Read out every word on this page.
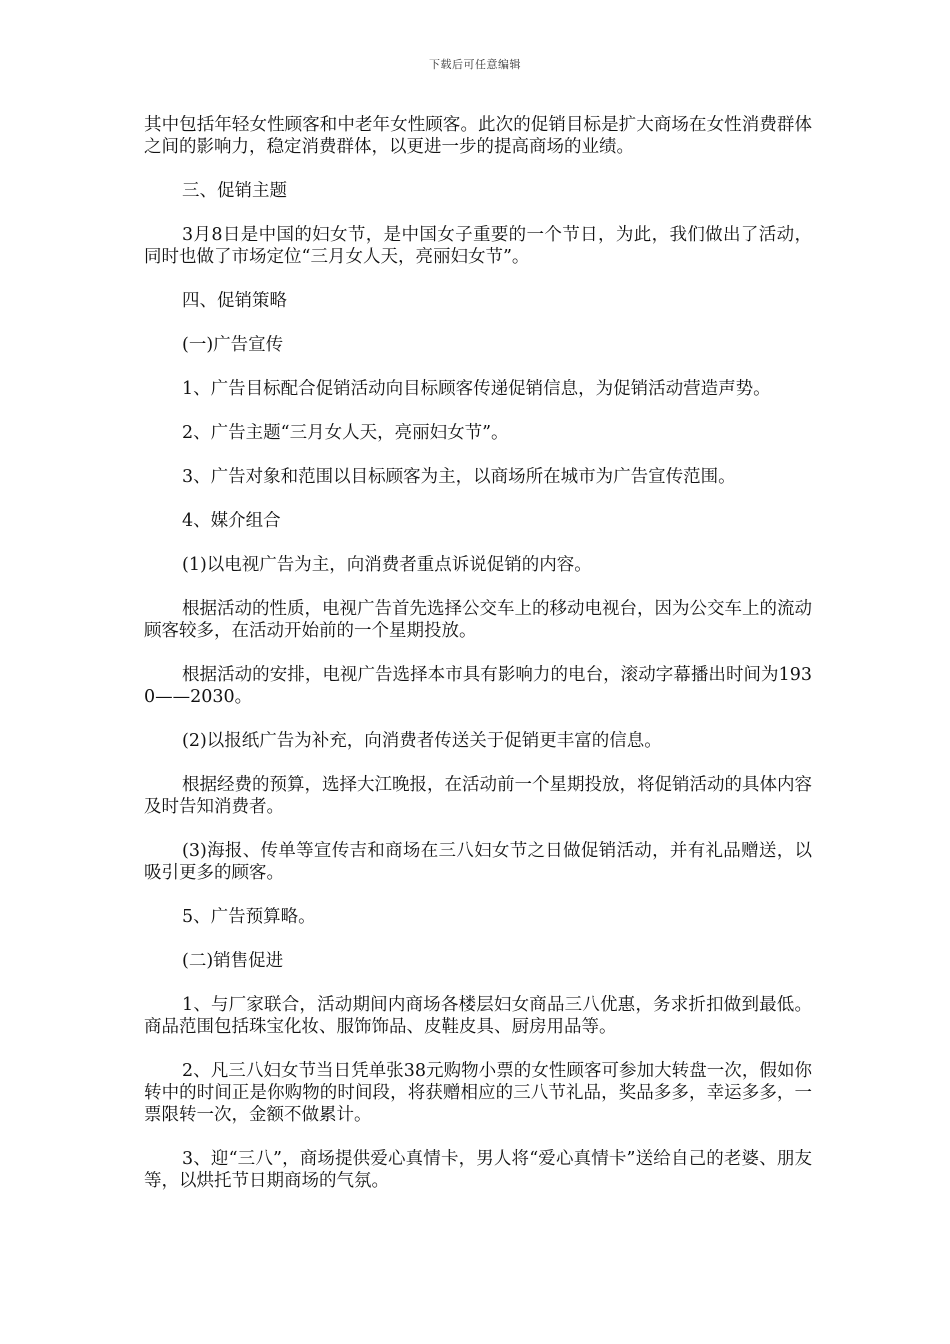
下载后可任意编辑

其中包括年轻女性顾客和中老年女性顾客。此次的促销目标是扩大商场在女性消费群体之间的影响力，稳定消费群体，以更进一步的提高商场的业绩。

三、促销主题

3月8日是中国的妇女节，是中国女子重要的一个节日，为此，我们做出了活动，同时也做了市场定位“三月女人天，亮丽妇女节”。

四、促销策略

(一)广告宣传

1、广告目标配合促销活动向目标顾客传递促销信息，为促销活动营造声势。

2、广告主题“三月女人天，亮丽妇女节”。

3、广告对象和范围以目标顾客为主，以商场所在城市为广告宣传范围。

4、媒介组合

(1)以电视广告为主，向消费者重点诉说促销的内容。

根据活动的性质，电视广告首先选择公交车上的移动电视台，因为公交车上的流动顾客较多，在活动开始前的一个星期投放。

根据活动的安排，电视广告选择本市具有影响力的电台，滚动字幕播出时间为1930——2030。

(2)以报纸广告为补充，向消费者传送关于促销更丰富的信息。

根据经费的预算，选择大江晚报，在活动前一个星期投放，将促销活动的具体内容及时告知消费者。

(3)海报、传单等宣传吉和商场在三八妇女节之日做促销活动，并有礼品赠送，以吸引更多的顾客。

5、广告预算略。

(二)销售促进

1、与厂家联合，活动期间内商场各楼层妇女商品三八优惠，务求折扣做到最低。商品范围包括珠宝化妆、服饰饰品、皮鞋皮具、厨房用品等。

2、凡三八妇女节当日凭单张38元购物小票的女性顾客可参加大转盘一次，假如你转中的时间正是你购物的时间段，将获赠相应的三八节礼品，奖品多多，幸运多多，一票限转一次，金额不做累计。

3、迎“三八”，商场提供爱心真情卡，男人将“爱心真情卡”送给自己的老婆、朋友等，以烘托节日期商场的气氛。
